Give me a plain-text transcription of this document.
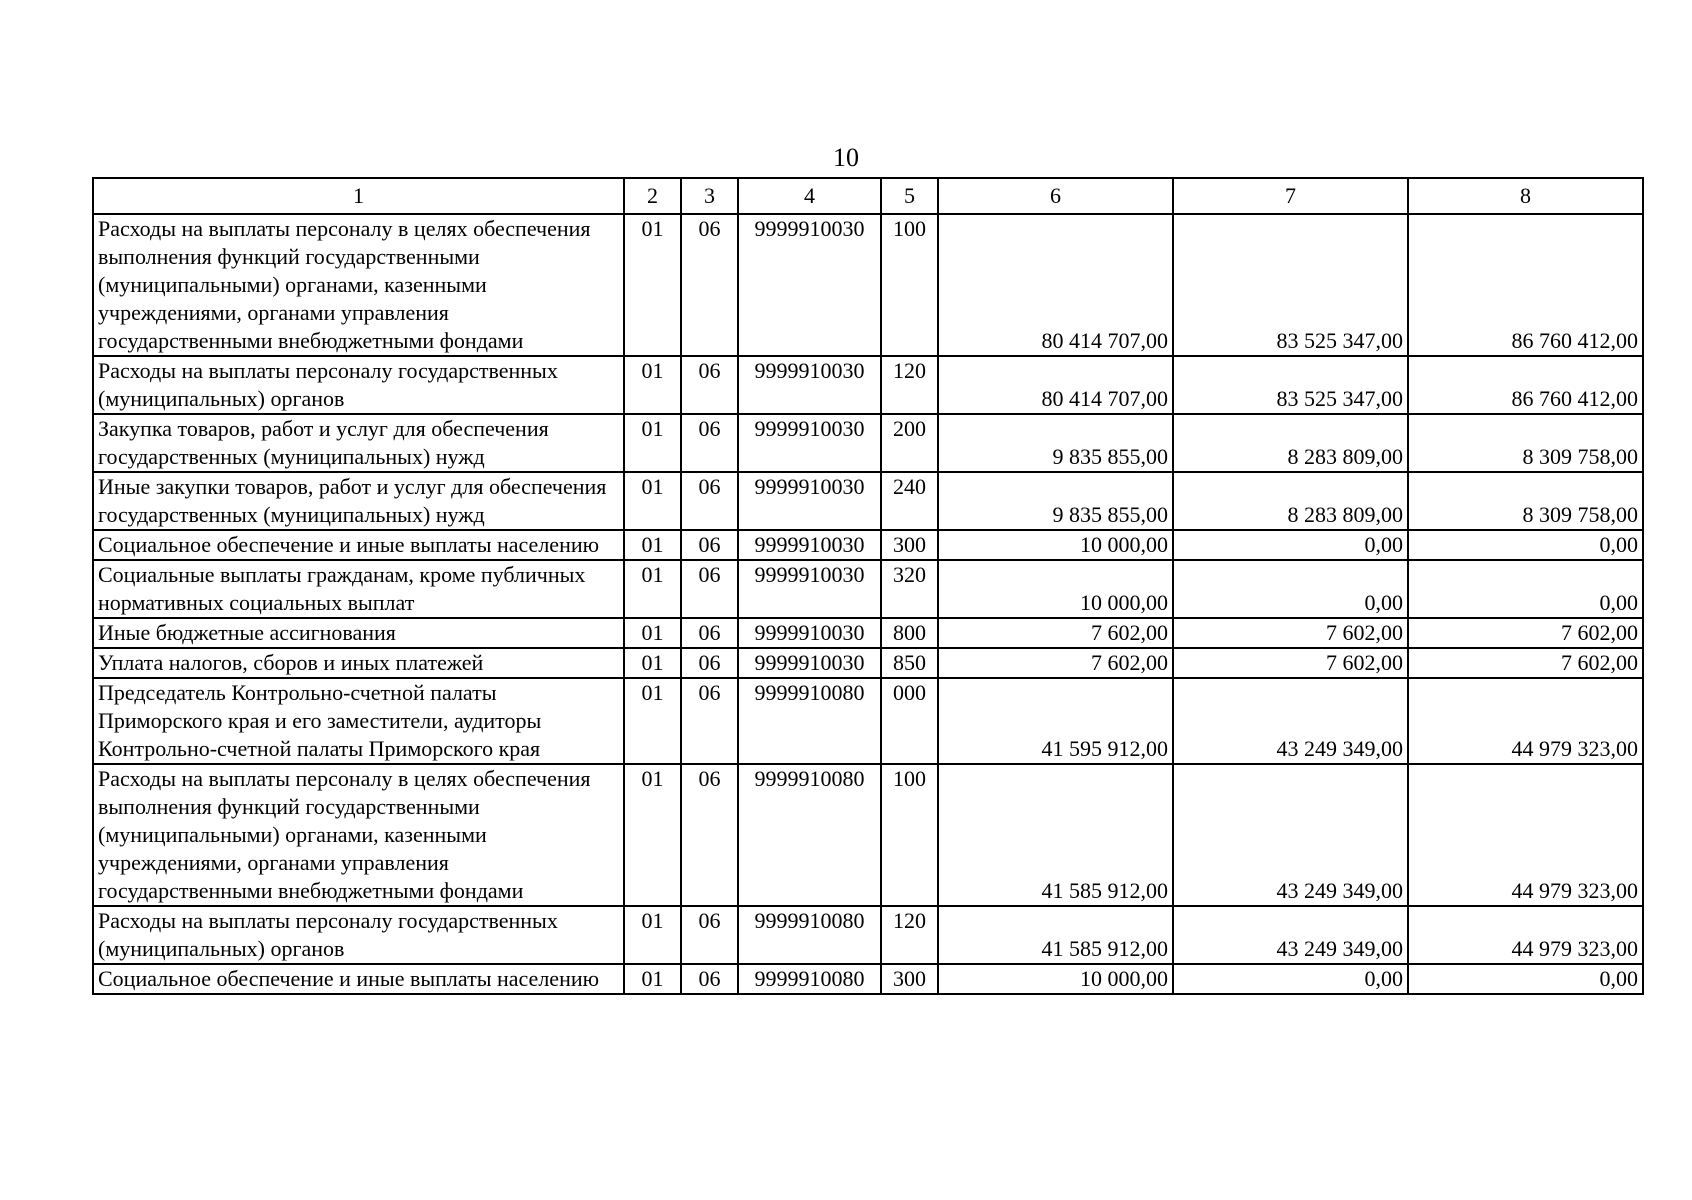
10
1	2	3	4	5	6	7	8
Расходы на выплаты персоналу в целях обеспечения выполнения функций государственными (муниципальными) органами, казенными учреждениями, органами управления государственными внебюджетными фондами	01	06	9999910030	100	80 414 707,00	83 525 347,00	86 760 412,00
Расходы на выплаты персоналу государственных (муниципальных) органов	01	06	9999910030	120	80 414 707,00	83 525 347,00	86 760 412,00
Закупка товаров, работ и услуг для обеспечения государственных (муниципальных) нужд	01	06	9999910030	200	9 835 855,00	8 283 809,00	8 309 758,00
Иные закупки товаров, работ и услуг для обеспечения государственных (муниципальных) нужд	01	06	9999910030	240	9 835 855,00	8 283 809,00	8 309 758,00
Социальное обеспечение и иные выплаты населению	01	06	9999910030	300	10 000,00	0,00	0,00
Социальные выплаты гражданам, кроме публичных нормативных социальных выплат	01	06	9999910030	320	10 000,00	0,00	0,00
Иные бюджетные ассигнования	01	06	9999910030	800	7 602,00	7 602,00	7 602,00
Уплата налогов, сборов и иных платежей	01	06	9999910030	850	7 602,00	7 602,00	7 602,00
Председатель Контрольно-счетной палаты Приморского края и его заместители, аудиторы Контрольно-счетной палаты Приморского края	01	06	9999910080	000	41 595 912,00	43 249 349,00	44 979 323,00
Расходы на выплаты персоналу в целях обеспечения выполнения функций государственными (муниципальными) органами, казенными учреждениями, органами управления государственными внебюджетными фондами	01	06	9999910080	100	41 585 912,00	43 249 349,00	44 979 323,00
Расходы на выплаты персоналу государственных (муниципальных) органов	01	06	9999910080	120	41 585 912,00	43 249 349,00	44 979 323,00
Социальное обеспечение и иные выплаты населению	01	06	9999910080	300	10 000,00	0,00	0,00
